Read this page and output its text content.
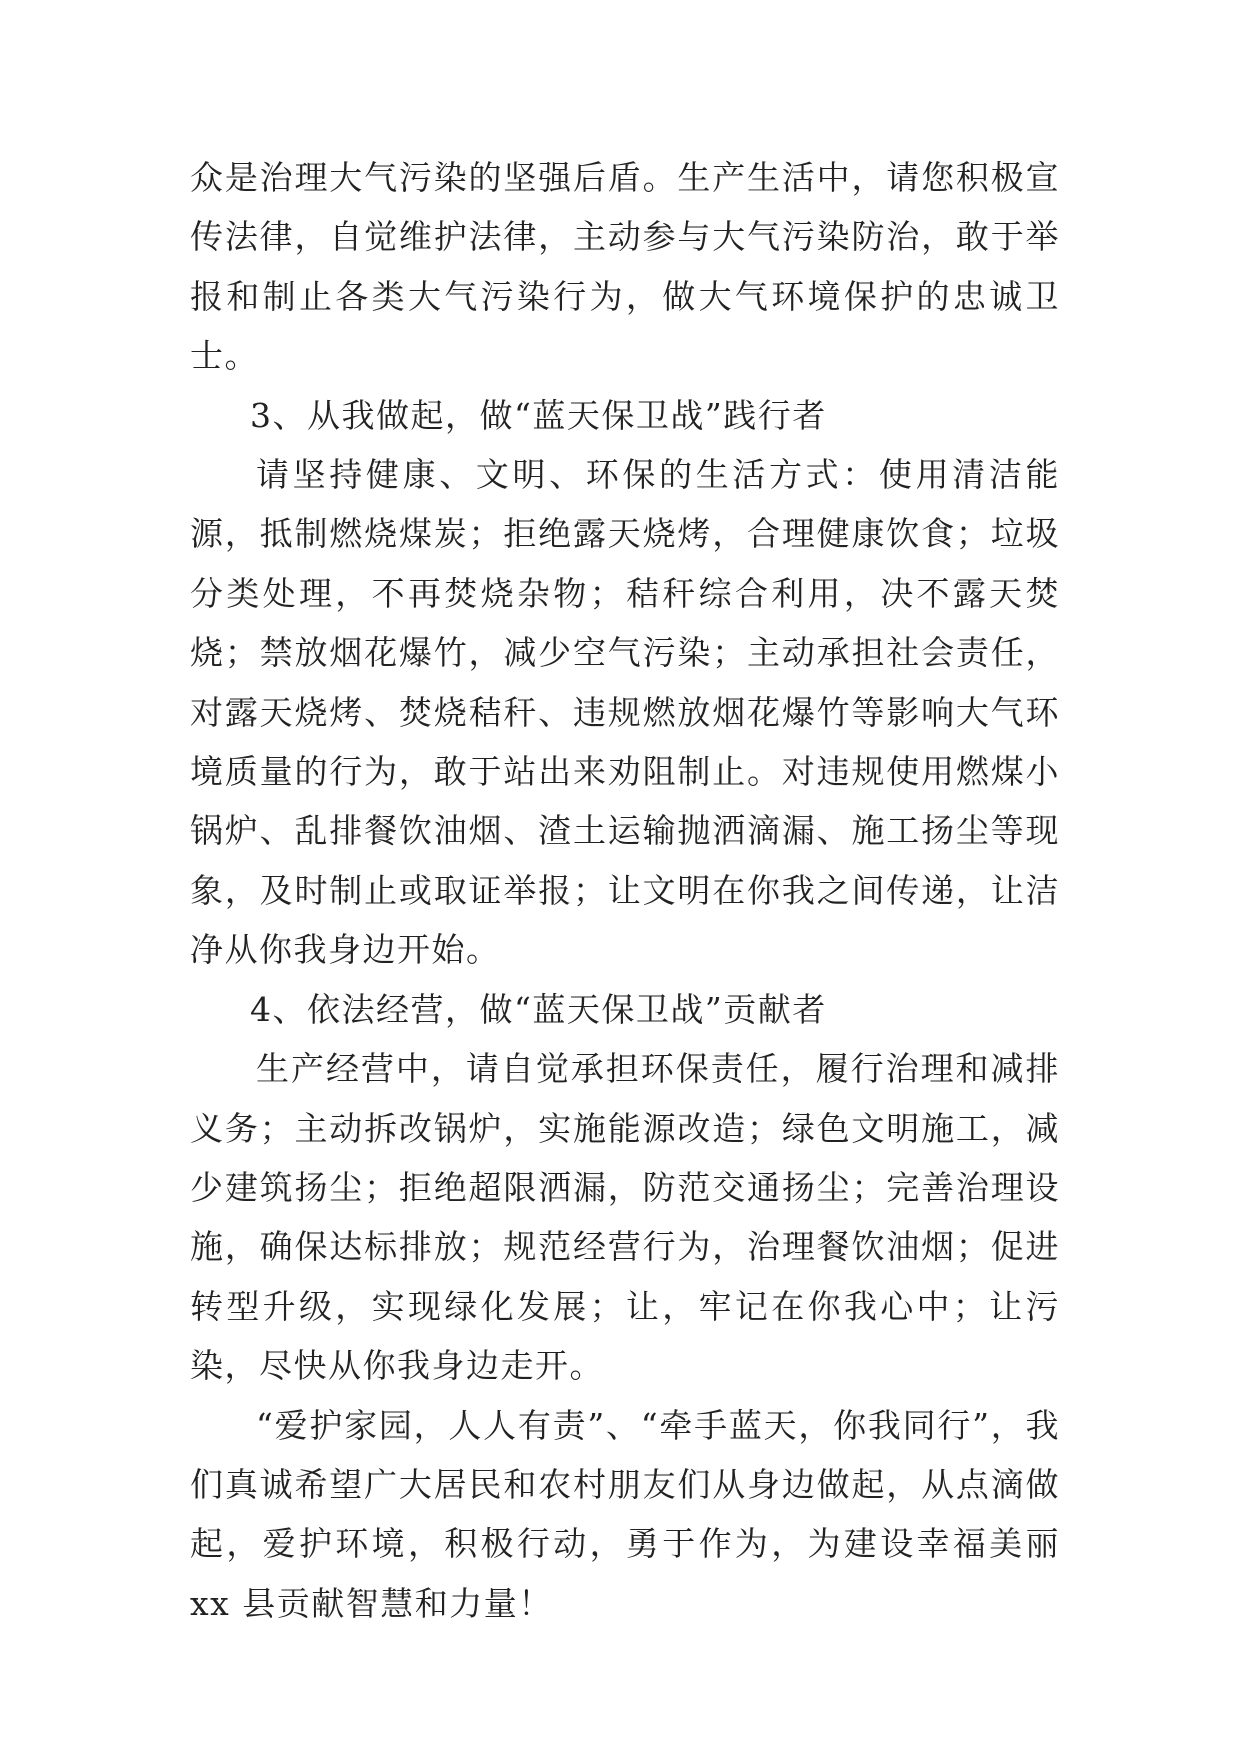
众是治理大气污染的坚强后盾。生产生活中，请您积极宣传法律，自觉维护法律，主动参与大气污染防治，敢于举报和制止各类大气污染行为，做大气环境保护的忠诚卫士。

3、从我做起，做“蓝天保卫战”践行者

请坚持健康、文明、环保的生活方式：使用清洁能源，抵制燃烧煤炭；拒绝露天烧烤，合理健康饮食；垃圾分类处理，不再焚烧杂物；秸秆综合利用，决不露天焚烧；禁放烟花爆竹，减少空气污染；主动承担社会责任，对露天烧烤、焚烧秸秆、违规燃放烟花爆竹等影响大气环境质量的行为，敢于站出来劝阻制止。对违规使用燃煤小锅炉、乱排餐饮油烟、渣土运输抛洒滴漏、施工扬尘等现象，及时制止或取证举报；让文明在你我之间传递，让洁净从你我身边开始。

4、依法经营，做“蓝天保卫战”贡献者

生产经营中，请自觉承担环保责任，履行治理和减排义务；主动拆改锅炉，实施能源改造；绿色文明施工，减少建筑扬尘；拒绝超限洒漏，防范交通扬尘；完善治理设施，确保达标排放；规范经营行为，治理餐饮油烟；促进转型升级，实现绿化发展；让，牢记在你我心中；让污染，尽快从你我身边走开。

“爱护家园，人人有责”、“牵手蓝天，你我同行”，我们真诚希望广大居民和农村朋友们从身边做起，从点滴做起，爱护环境，积极行动，勇于作为，为建设幸福美丽 xx 县贡献智慧和力量！
